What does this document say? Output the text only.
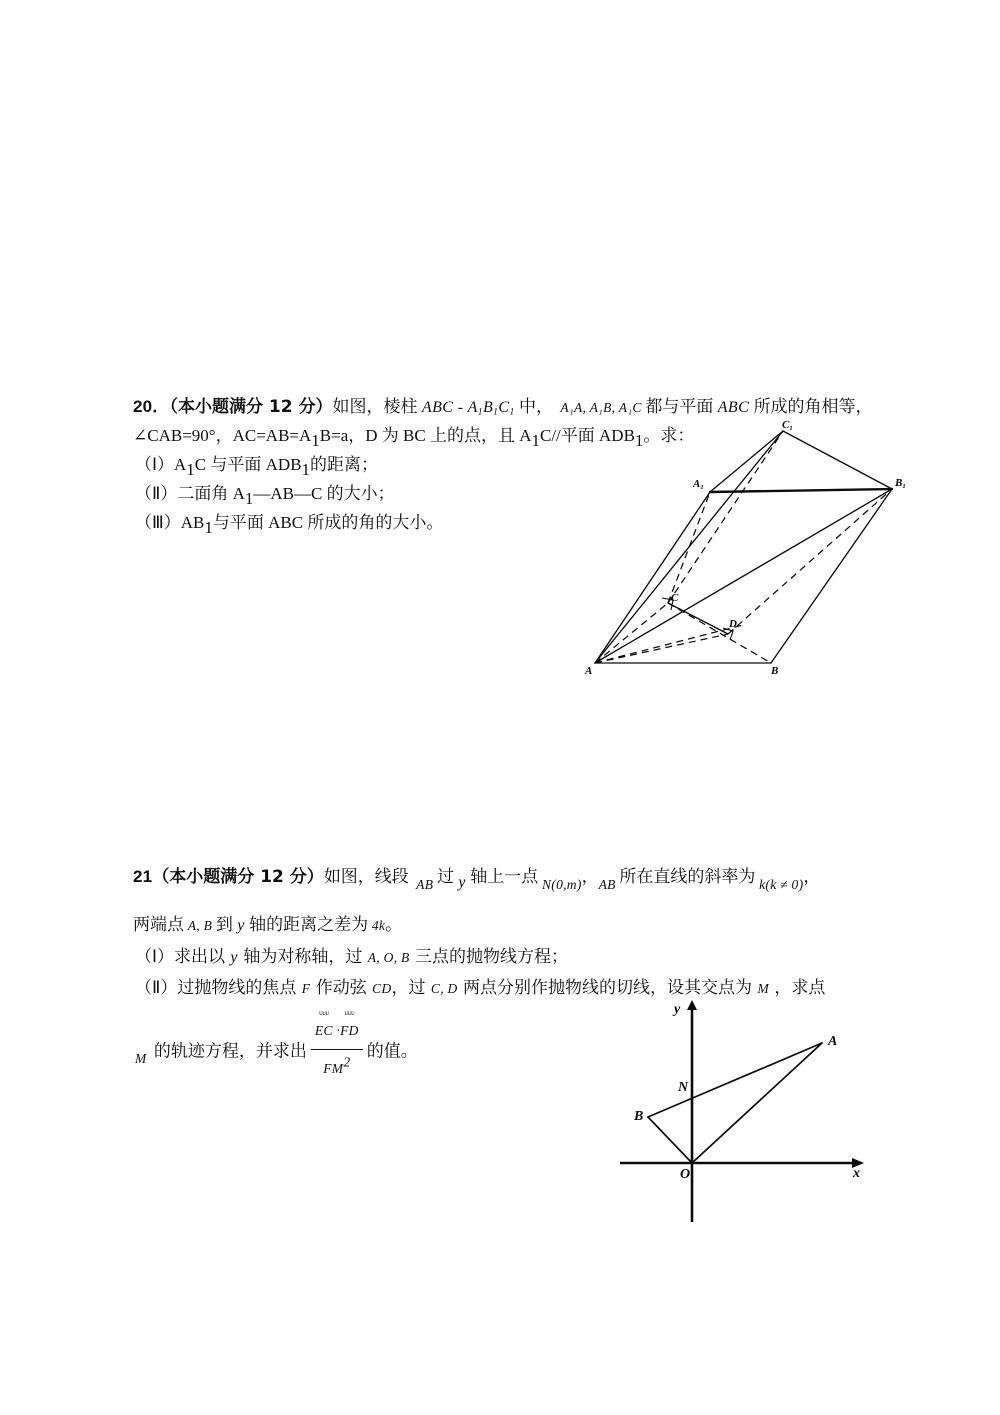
20．（本小题满分 12 分）如图，棱柱 ABC - $A_1B_1C_1$ 中， A₁A, A₁B, A₁C 都与平面 ABC 所成的角相等，
∠CAB=90°，$AC=AB=A_1B=a$，D 为 BC 上的点，且 $A_1C//$平面 $ADB_1$。求：
$(Ⅰ)A_1C$ 与平面 $ADB_1$的距离；
（Ⅱ）二面角 $A_1—AB—C$ 的大小；
$(Ⅲ)AB_1$与平面 ABC 所成的角的大小。
A	B
C
D
$A_1$	$B_1$
$C_1$
21（本小题满分 12 分）如图，线段 AB 过 y 轴上一点 N(0,m)，AB 所在直线的斜率为 k(k ≠ 0)，
两端点 A, B 到 y 轴的距离之差为 4k。
（Ⅰ）求出以 y 轴为对称轴，过 A, O, B 三点的抛物线方程；
（Ⅱ）过抛物线的焦点 F 作动弦 CD，过 C, D 两点分别作抛物线的切线，设其交点为 M ，求点
M 的轨迹方程，并求出 ᴜᴜᴜ
EC ·
ᴜᴜᴜ
FD
$FM^2$ 的值。
y
x
O
A
B
N
